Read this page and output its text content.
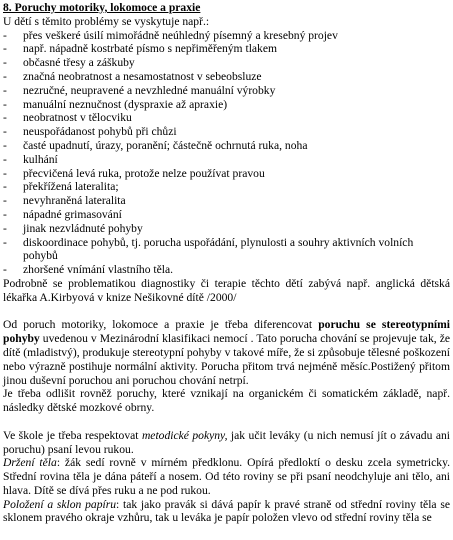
8. Poruchy motoriky, lokomoce a praxie

U dětí s těmito problémy se vyskytuje např.:

- přes veškeré úsilí mimořádně neúhledný písemný a kresebný projev
- např. nápadně kostrbaté písmo s nepřiměřeným tlakem
- občasné třesy a záškuby
- značná neobratnost a nesamostatnost v sebeobsluze
- nezručné, neupravené a nevzhledné manuální výrobky
- manuální neznučnost (dyspraxie až apraxie)
- neobratnost v tělocviku
- neuspořádanost pohybů při chůzi
- časté upadnutí, úrazy, poranění; částečně ochrnutá ruka, noha
- kulhání
- přecvičená levá ruka, protože nelze používat pravou
- překřížená lateralita;
- nevyhraněná lateralita
- nápadné grimasování
- jinak nezvládnuté pohyby
- diskoordinace pohybů, tj. porucha uspořádání, plynulosti a souhry aktivních volních pohybů
- zhoršené vnímání vlastního těla.

Podrobně se problematikou diagnostiky či terapie těchto dětí zabývá např. anglická dětská lékařka A.Kirbyová v knize Nešikovné dítě /2000/

Od poruch motoriky, lokomoce a praxie je třeba diferencovat poruchu se stereotypními pohyby uvedenou v Mezinárodní klasifikaci nemocí . Tato porucha chování se projevuje tak, že dítě (mladistvý), produkuje stereotypní pohyby v takové míře, že si způsobuje tělesné poškození nebo výrazně postihuje normální aktivity. Porucha přitom trvá nejméně měsíc.Postižený přitom jinou duševní poruchou ani poruchou chování netrpí.

Je třeba odlišit rovněž poruchy, které vznikají na organickém či somatickém základě, např. následky dětské mozkové obrny.

Ve škole je třeba respektovat metodické pokyny, jak učit leváky (u nich nemusí jít o závadu ani poruchu) psaní levou rukou.

Držení těla: žák sedí rovně v mírném předklonu. Opírá předloktí o desku zcela symetricky. Střední rovina těla je dána páteří a nosem. Od této roviny se při psaní neodchyluje ani tělo, ani hlava. Dítě se dívá přes ruku a ne pod rukou.

Položení a sklon papíru: tak jako pravák si dává papír k pravé straně od střední roviny těla se sklonem pravého okraje vzhůru, tak u leváka je papír položen vlevo od střední roviny těla se
